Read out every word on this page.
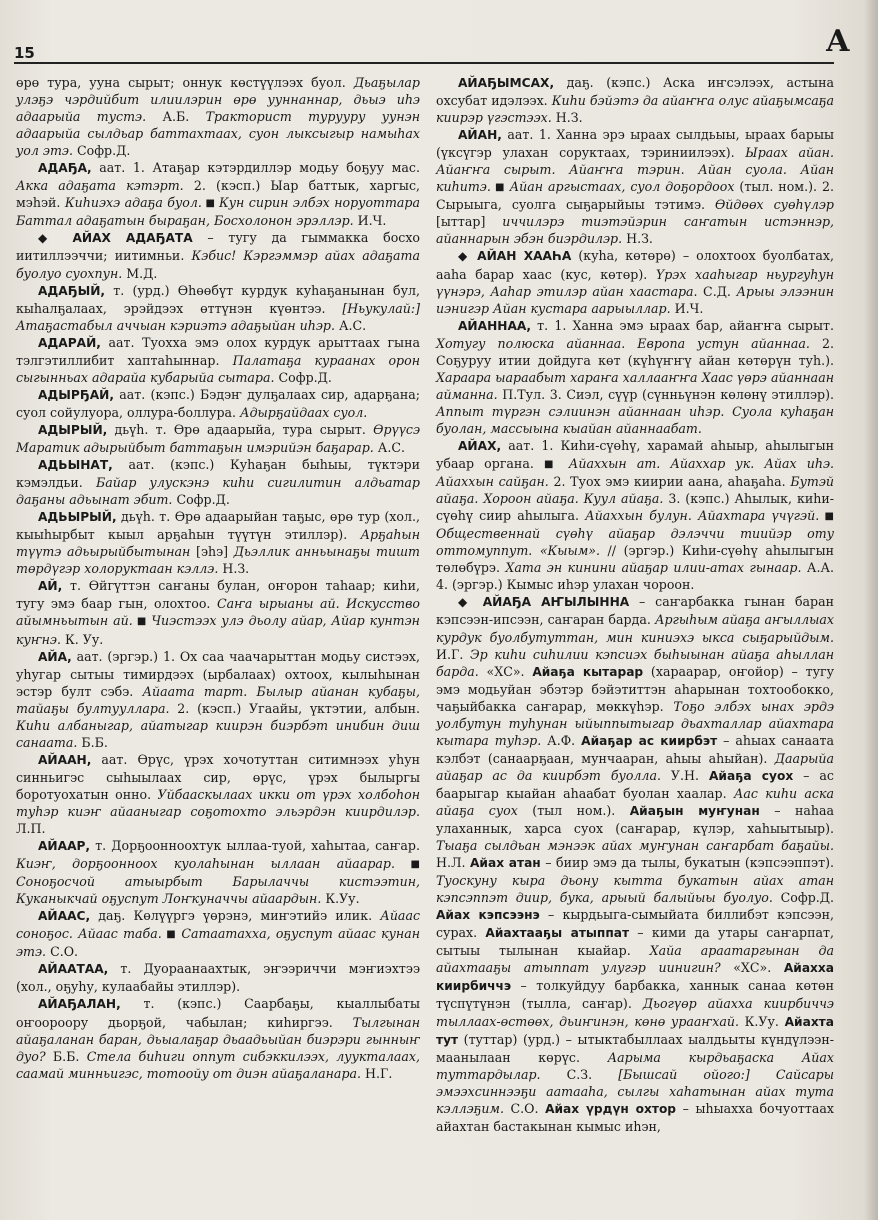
15	А

өрө тура, ууна сырыт; оннук көстүүлээх буол. Дьаҕылар улэҕэ чэрдийбит илиилэрин өрө ууннаннар, дьыэ иһэ адаарыйа тустэ. А.Б. Тракторист турууру уунэн адаарыйа сылдьар баттахтаах, суон лыксыгыр намыһах уол этэ. Софр.Д.

АДАҔА, аат. 1. Атаҕар кэтэрдиллэр модьу боҕуу мас. Акка адаҕата кэтэрт. 2. (кэсп.) Ыар баттык, харгыс, мэһэй. Киһиэхэ адаҕа буол. ■ Кун сирин элбэх норуоттара Баттал адаҕатын быраҕан, Босхолонон эрэллэр. И.Ч.

◆ АЙАХ АДАҔАТА – тугу да гыммакка босхо иитиллээччи; иитимньи. Кэбис! Кэргэммэр айах адаҕата буолуо суохпун. М.Д.

АДАҔЫЙ, т. (урд.) Өһөөбүт курдук куһаҕанынан бул, кыһалҕалаах, эрэйдээх өттүнэн күөнтээ. [Ньукулай:] Атаҕастабыл аччыан кэриэтэ адаҕыйан иһэр. А.С.

АДАРАЙ, аат. Туохха эмэ олох курдук арыттаах гына тэлгэтиллибит хаптаһыннар. Палатаҕа кураанах орон сыгынньах адарайа кубарыйа сытара. Софр.Д.

АДЫРҔАЙ, аат. (кэпс.) Бэдэҥ дулҕалаах сир, адарҕана; суол сойулуора, оллура-боллура. Адырҕайдаах суол.

АДЫРЫЙ, дьүһ. т. Өрө адаарыйа, тура сырыт. Өрүүсэ Маратик адырыйбыт баттаҕын имэрийэн баҕарар. А.С.

АДЬЫНАТ, аат. (кэпс.) Куһаҕан быһыы, түктэри кэмэлдьи. Байар улускэнэ киһи сигилитин алдьатар даҕаны адьынат эбит. Софр.Д.

АДЬЫРЫЙ, дьүһ. т. Өрө адаарыйан таҕыс, өрө тур (хол., кыыһырбыт кыыл арҕаһын түүтүн этиллэр). Арҕаһын түүтэ адьырыйбытынан [эһэ] Дьэллик анньынаҕы тишт төрдүгэр холоруктаан кэллэ. Н.З.

АЙ, т. Өйгүттэн саҥаны булан, оҥорон таһаар; киһи, тугу эмэ баар гын, олохтоо. Саҥа ырыаны ай. Искусство айымньытын ай. ■ Чиэстээх улэ дьолу айар, Айар кунтэн куҥнэ. К. Уу.

АЙА, аат. (эргэр.) 1. Ох саа чаачарыттан модьу систээх, уһугар сытыы тимирдээх (ырбалаах) охтоох, кылыһынан эстэр булт сэбэ. Айаата тарт. Былыр айанан кубаҕы, тайаҕы бултууллара. 2. (кэсп.) Угаайы, үктэтии, албын. Киһи албаныгар, айатыгар киирэн биэрбэт инибин диш санаата. Б.Б.

АЙААН, аат. Өрүс, үрэх хочотуттан ситимнээх уһун синньигэс сыһыылаах сир, өрүс, үрэх былыргы боротуохатын онно. Уйбааскылаах икки от үрэх холбоһон туһэр киэҥ айааныгар соҕотохто эльэрдэн киирдилэр. Л.П.

АЙААР, т. Дорҕооннооxтук ыллаа-туой, хаһытаа, саҥар. Киэҥ, дорҕооннооx куолаһынан ыллаан айаарар. ■ Соноҕосчой атыырбыт Барылаччы кистээтин, Куканыкчай оҕуспут Лоҥкуначчы айаардын. К.Уу.

АЙААС, даҕ. Көлүүргэ үөрэнэ, миҥэтийэ илик. Айаас соноҕос. Айаас таба. ■ Сатаатахха, оҕуспут айаас кунан этэ. С.О.

АЙААТАА, т. Дуораанаахтык, эҥээриччи мэҥиэхтээ (хол., оҕуһу, кулаабайы этиллэр).

АЙАҔАЛАН, т. (кэпс.) Саарбаҕы, кыаллыбаты оҥоороору дьорҕой, чабылан; киһиргээ. Тылгынан айаҕаланан баран, дьыалаҕар дьаадьыйан биэрэри гынныҥ дуо? Б.Б. Стела биһиги оппут сибэккилээх, луукталаах, саамай минньигэс, тотоойу от диэн айаҕаланара. Н.Г.

АЙАҔЫМСАХ, даҕ. (кэпс.) Аска иҥсэлээх, астына охсубат идэлээх. Киһи бэйэтэ да айаҥҥа олус айаҕымсаҕа киирэр үгэстээх. Н.З.

АЙАН, аат. 1. Ханна эрэ ыраах сылдьыы, ыраах барыы (үксүгэр улахан соруктаах, тэриниилээх). Ыраах айан. Айаҥҥа сырыт. Айаҥҥа тэрин. Айан суола. Айан киһитэ. ■ Айан аргыстаах, суол доҕордоох (тыл. ном.). 2. Сырыыга, суолга сыҕарыйыы тэтимэ. Өйдөөх суөһүлэр [ыттар] иччилэрэ тиэтэйэрин саҥатын истэннэр, айаннарын эбэн биэрдилэр. Н.З.

◆ АЙАН ХААҺА (куһа, көтөрө) – олохтоох буолбатах, ааһа барар хаас (кус, көтөр). Үрэх хааһыгар ньургуһун үүнэрэ, Ааһар этилэр айан хаастара. С.Д. Арыы элээнин иэнигэр Айан кустара аарыыллар. И.Ч.

АЙАННАА, т. 1. Ханна эмэ ыраах бар, айаҥҥа сырыт. Хотугу полюска айаннаа. Европа устун айаннаа. 2. Соҕуруу итии дойдуга көт (күһүҥҥү айан көтөрүн туһ.). Хараара ыараабыт хараҥа халлааҥҥа Хаас үөрэ айаннаан айманна. П.Тул. 3. Сиэл, сүүр (сүнньүнэн көлөнү этиллэр). Аппыт түргэн сэлиинэн айаннаан иһэр. Суола куһаҕан буолан, массыына кыайан айаннаабат.

АЙАХ, аат. 1. Киһи-сүөһү, харамай аһыыр, аһылыгын убаар органа. ■ Айаххын ат. Айаххар ук. Айах иһэ. Айаххын сайҕан. 2. Туох эмэ киирии аана, аһаҕаһа. Бутэй айаҕа. Хороон айаҕа. Куул айаҕа. 3. (кэпс.) Аһылык, киһи-сүөһү сиир аһылыга. Айаххын булун. Айахтара үчүгэй. ■ Общественнай сүөһү айаҕар дэлэччи тиийэр оту оттомуппут. «Кыым». // (эргэр.) Киһи-сүөһү аһылыгын төлөбүрэ. Хата эн кинини айаҕар илии-атах гынаар. А.А. 4. (эргэр.) Кымыс иһэр улахан чороон.

◆ АЙАҔА АҤЫЛЫННА – саҥарбакка гынан баран кэпсээн-ипсээн, саҥаран барда. Аргыһым айаҕа аҥыллыах курдук буолбутуттан, мин киниэхэ ыкса сыҕарыйдым. И.Г. Эр киһи сиһилии кэпсиэх быһыынан айаҕа аһыллан барда. «ХС». Айаҕа кытарар (хараарар, оҥойор) – тугу эмэ модьуйан эбэтэр бэйэтиттэн аһарынан тохтообокко, чаҕыйбакка саҥарар, мөккүһэр. Тоҕо элбэх ынах эрдэ уолбутун туһунан ыйыппытыгар дьахталлар айахтара кытара туһэр. А.Ф. Айаҕар ас киирбэт – аһыах санаата кэлбэт (санаарҕаан, мунчааран, аһыы аһыйан). Даарыйа айаҕар ас да киирбэт буолла. У.Н. Айаҕа суох – ас баарыгар кыайан аһаабат буолан хаалар. Аас киһи аска айаҕа суох (тыл ном.). Айаҕын муҥунан – наһаа улаханнык, харса суох (саҥарар, күлэр, хаһыытыыр). Тыаҕа сылдьан мэнээк айах муҥунан саҥарбат баҕайы. Н.Л. Айах атан – биир эмэ да тылы, букатын (кэпсээппэт). Туоскуну кыра дьону кытта букатын айах атан кэпсэппэт диир, бука, арыый балыйыы буолуо. Софр.Д. Айах кэпсээнэ – кырдьыга-сымыйата биллибэт кэпсээн, сурах. Айахтааҕы атыппат – кими да утары саҥарпат, сытыы тылынан кыайар. Хайа араатаргынан да айахтааҕы атыппат улугэр иинигин? «ХС». Айахха киирбиччэ – толкуйдуу барбакка, ханнык санаа көтөн түспүтүнэн (тылла, саҥар). Дьогүөр айахха киирбиччэ тыллаах-өстөөх, дьиҥинэн, көнө урааҥхай. К.Уу. Айахта тут (туттар) (урд.) – ытыктабыллаах ыалдьыты күндүлээн-маанылаан көрүс. Аарыма кырдьаҕаска Айах туттардылар. С.З. [Бышсай ойого:] Сайсары эмээхсиннээҕи аатааһа, сылгы хаһатынан айах тута кэллэҕим. С.О. Айах үрдүн охтор – ыһыахха бочуоттаах айахтан бастакынан кымыс иһэн,
